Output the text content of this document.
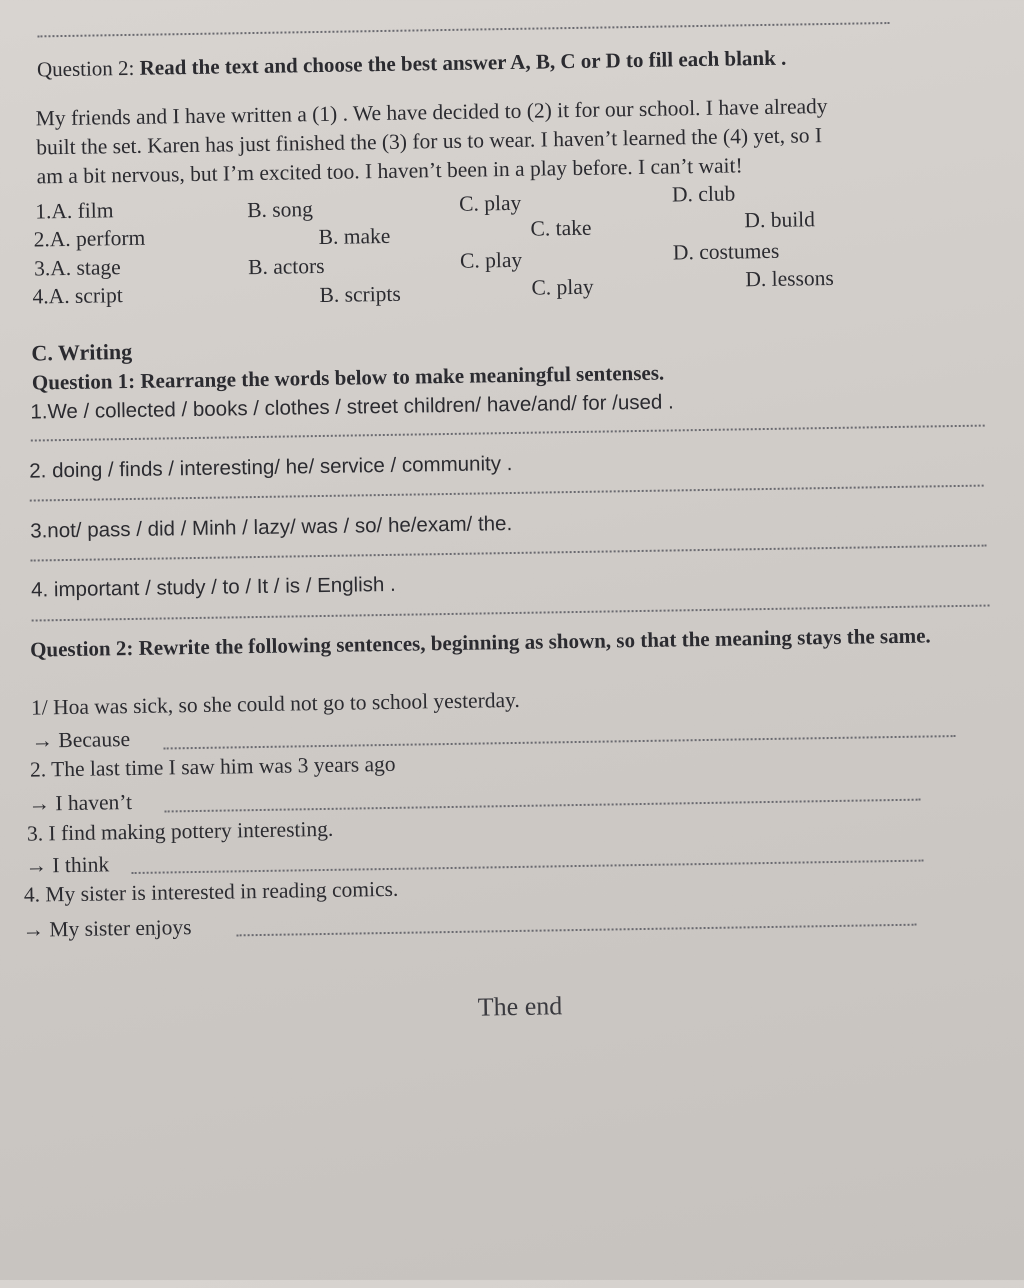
Question 2: Read the text and choose the best answer A, B, C or D to fill each blank .

My friends and I have written a (1) . We have decided to (2) it for our school. I have already

built the set. Karen has just finished the (3) for us to wear. I haven’t learned the (4) yet, so I

am a bit nervous, but I’m excited too. I haven’t been in a play before. I can’t wait!

1.A. film	B. song	C. play	D. club
2.A. perform	B. make	C. take	D. build
3.A. stage	B. actors	C. play	D. costumes
4.A. script	B. scripts	C. play	D. lessons
C. Writing
Question 1: Rearrange the words below to make meaningful sentenses.
1.We / collected / books / clothes / street children/ have/and/ for /used .
2. doing / finds / interesting/ he/ service / community .
3.not/ pass / did / Minh / lazy/ was / so/ he/exam/ the.
4. important / study / to / It / is / English .
Question 2: Rewrite the following sentences, beginning as shown, so that the meaning stays the same.
1/ Hoa was sick, so she could not go to school yesterday.
→ Because
2. The last time I saw him was 3 years ago
→ I haven’t
3. I find making pottery interesting.
→ I think
4. My sister is interested in reading comics.
→ My sister enjoys
The end
